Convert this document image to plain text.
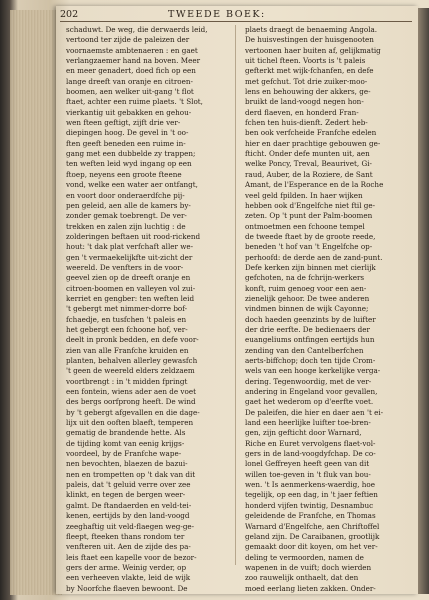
202	TWEEDE BOEK:
schaduwt. De weg, die derwaerds leid,
vertoond ter zijde de paleizen der
voornaemste ambtenaeren : en gaet
verlangzaemer hand na boven. Meer
en meer genadert, doed fich op een
lange dreeft van oranje en citroen-
boomen, aen welker uit-gang 't flot
ftaet, achter een ruime plaets. 't Slot,
vierkantig uit gebakken en gehou-
wen fteen geftigt, zijft drie ver-
diepingen hoog. De gevel in 't oo-
ften geeft beneden een ruime in-
gang met een dubbelde zy trappen;
ten weften leid wyd ingang op een
ftoep, neyens een groote fteene
vond, welke een water aer ontfangt,
en voort door onderaerdfche pij-
pen geleid, aen alle de kamers by-
zonder gemak toebrengt. De ver-
trekken en zalen zijn luchtig : de
zolderingen beftaen uit rood-rickend
hout: 't dak plat verfchaft aller we-
gen 't vermaekelijkfte uit-zicht der
weereld. De venfters in de voor-
geevel zien op de dreeft oranje en
citroen-boomen en valleyen vol zui-
kerriet en gengber: ten weften leid
't gebergt met nimmer-dorre bof-
fchaedje, en tusfchen 't paleis en
het gebergt een fchoone hof, ver-
deelt in pronk bedden, en defe voor-
zien van alle Franfche kruiden en
planten, behalven allerley gewasfch
't geen de weereld elders zeldzaem
voortbrengt : in 't midden fpringt
een fontein, wiens ader aen de voet
des bergs oorfprong heeft. De wind
by 't gebergt afgevallen en die dage-
lijx uit den ooften blaeft, temperen
gematig de brandende hette. Als
de tijding komt van eenig krijgs-
voordeel, by de Franfche wape-
nen bevochten, blaezen de bazui-
nen en trompetten op 't dak van dit
paleis, dat 't geluid verre over zee
klinkt, en tegen de bergen weer-
galmt. De ftandaerden en veld-tei-
kenen, eertijds by den land-voogd
zeeghaftig uit veld-flaegen weg-ge-
fleept, fteeken thans rondom ter
venfteren uit. Aen de zijde des pa-
leis ftaet een kapelle voor de bezor-
gers der arme. Weinig verder, op
een verheeven vlakte, leid de wijk
by Noorfche flaeven bewoont. De
plaets draegt de benaeming Angola.
De huisvestingen der huisgenooten
vertoonen haer buiten af, gelijkmatig
uit tichel fteen. Voorts is 't paleis
gefterkt met wijk-fchanfen, en defe
met gefchut. Tot drie zuiker-moo-
lens en behouwing der akkers, ge-
bruikt de land-voogd negen hon-
derd flaeven, en honderd Fran-
fchen ten huis-dienft. Zedert heb-
ben ook verfcheide Franfche edelen
hier en daer prachtige gebouwen ge-
fticht. Onder defe munten uit, aen
welke Poncy, Treval, Beaurivet, Gi-
raud, Auber, de la Roziere, de Sant
Amant, de l'Esperance en de la Roche
veel geld fpilden. In haer wijken
hebben ook d'Engelfche niet ftil ge-
zeten. Op 't punt der Palm-boomen
ontmoetmen een fchoone tempel
de tweede ftaet by de groote reede,
beneden 't hof van 't Engelfche op-
perhoofd: de derde aen de zand-punt.
Defe kerken zijn binnen met cierlijk
gefchoten, na de fchrijn-werkers
konft, ruim genoeg voor een aen-
zienelijk gehoor. De twee anderen
vindmen binnen de wijk Cayonne;
doch haeden geenzints by de luifter
der drie eerfte. De bedienaers der
euangeliums ontfingen eertijds hun
zending van den Cantelberfchen
aerts-biffchop; doch ten tijde Crom-
wels van een hooge kerkelijke verga-
dering. Tegenwoordig, met de ver-
andering in Engeland voor gevallen,
gaet het wederom op d'eerfte voet.
De paleifen, die hier en daer aen 't ei-
land een heerlijke luifter toe-bren-
gen, zijn gefticht door Warnard,
Riche en Euret vervolgens flaet-vol-
gers in de land-voogdyfchap. De co-
lonel Geffreyen heeft geen van dit
willen toe-geven in 't fluk van bou-
wen. 't Is aenmerkens-waerdig, hoe
tegelijk, op een dag, in 't jaer feftien
honderd vijfen twintig, Desnambuc
geleidende de Franfche, en Thomas
Warnard d'Engelfche, aen Chriftoffel
geland zijn. De Caraibanen, grootlijk
gemaakt door dit koyen, om het ver-
deling te vermoorden, namen de
wapenen in de vuift; doch wierden
zoo rauwelijk onthaelt, dat den
moed eerlang lieten zakken. Onder-
